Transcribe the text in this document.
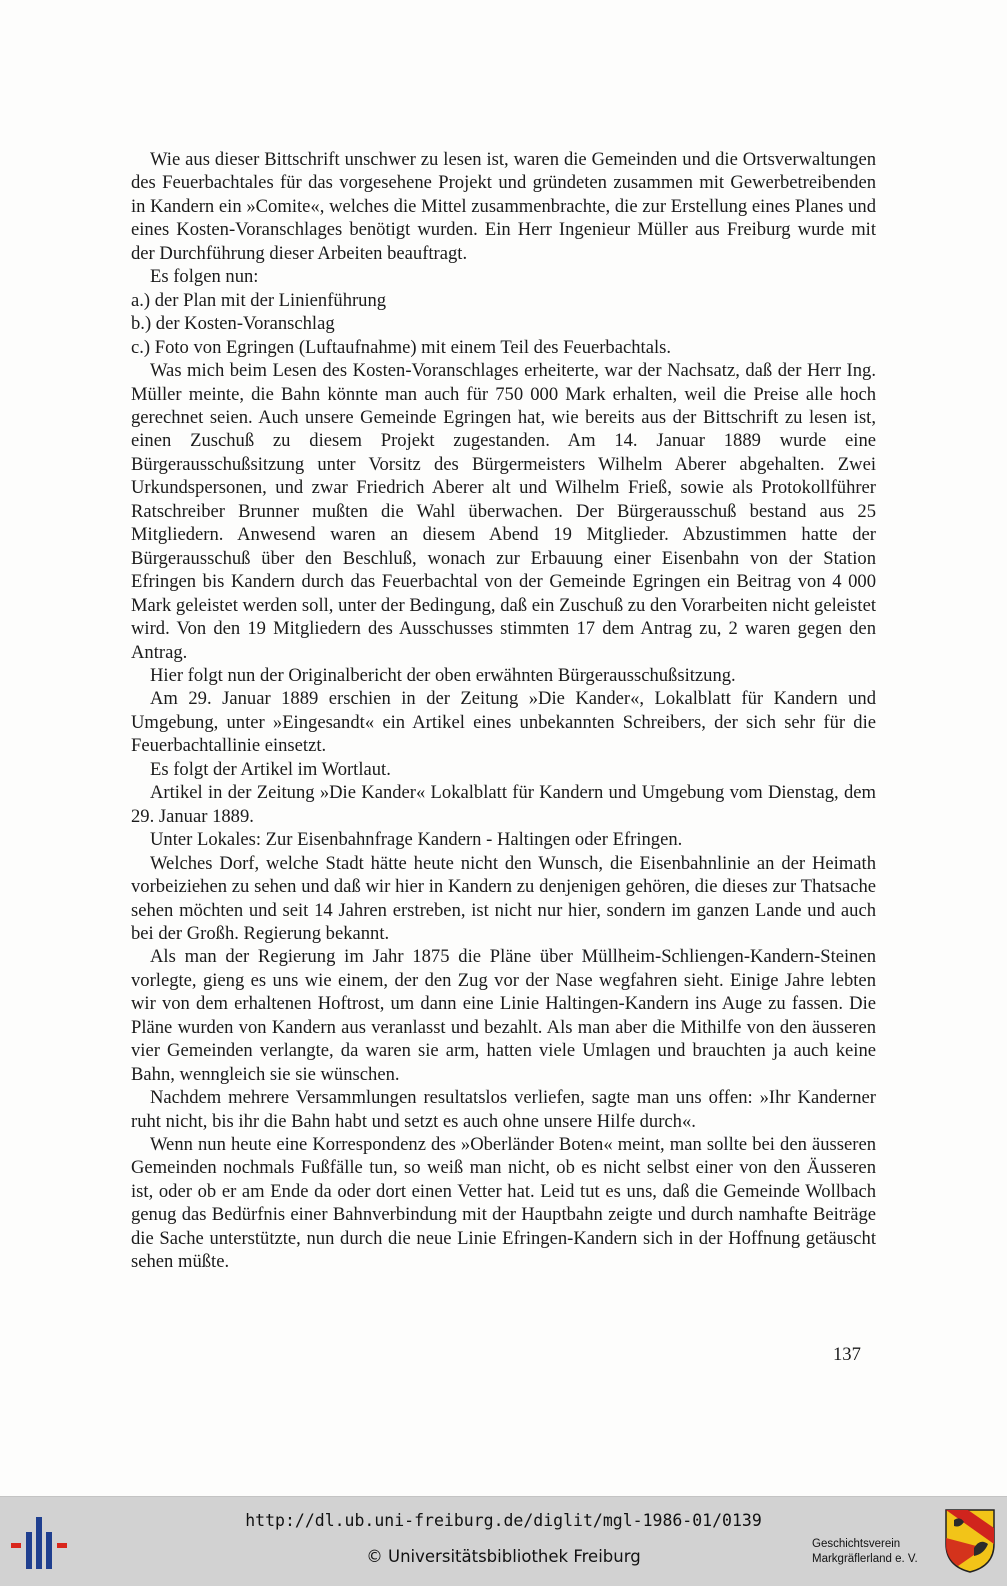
Wie aus dieser Bittschrift unschwer zu lesen ist, waren die Gemeinden und die Ortsverwaltungen des Feuerbachtales für das vorgesehene Projekt und gründeten zusammen mit Gewerbetreibenden in Kandern ein »Comite«, welches die Mittel zusammenbrachte, die zur Erstellung eines Planes und eines Kosten-Voranschlages benötigt wurden. Ein Herr Ingenieur Müller aus Freiburg wurde mit der Durchführung dieser Arbeiten beauftragt.

Es folgen nun:

a.) der Plan mit der Linienführung

b.) der Kosten-Voranschlag

c.) Foto von Egringen (Luftaufnahme) mit einem Teil des Feuerbachtals.

Was mich beim Lesen des Kosten-Voranschlages erheiterte, war der Nachsatz, daß der Herr Ing. Müller meinte, die Bahn könnte man auch für 750 000 Mark erhalten, weil die Preise alle hoch gerechnet seien. Auch unsere Gemeinde Egringen hat, wie bereits aus der Bittschrift zu lesen ist, einen Zuschuß zu diesem Projekt zugestanden. Am 14. Januar 1889 wurde eine Bürgerausschußsitzung unter Vorsitz des Bürgermeisters Wilhelm Aberer abgehalten. Zwei Urkundspersonen, und zwar Friedrich Aberer alt und Wilhelm Frieß, sowie als Protokollführer Ratschreiber Brunner mußten die Wahl überwachen. Der Bürgerausschuß bestand aus 25 Mitgliedern. Anwesend waren an diesem Abend 19 Mitglieder. Abzustimmen hatte der Bürgerausschuß über den Beschluß, wonach zur Erbauung einer Eisenbahn von der Station Efringen bis Kandern durch das Feuerbachtal von der Gemeinde Egringen ein Beitrag von 4 000 Mark geleistet werden soll, unter der Bedingung, daß ein Zuschuß zu den Vorarbeiten nicht geleistet wird. Von den 19 Mitgliedern des Ausschusses stimmten 17 dem Antrag zu, 2 waren gegen den Antrag.

Hier folgt nun der Originalbericht der oben erwähnten Bürgerausschußsitzung.

Am 29. Januar 1889 erschien in der Zeitung »Die Kander«, Lokalblatt für Kandern und Umgebung, unter »Eingesandt« ein Artikel eines unbekannten Schreibers, der sich sehr für die Feuerbachtallinie einsetzt.

Es folgt der Artikel im Wortlaut.

Artikel in der Zeitung »Die Kander« Lokalblatt für Kandern und Umgebung vom Dienstag, dem 29. Januar 1889.

Unter Lokales: Zur Eisenbahnfrage Kandern - Haltingen oder Efringen.

Welches Dorf, welche Stadt hätte heute nicht den Wunsch, die Eisenbahnlinie an der Heimath vorbeiziehen zu sehen und daß wir hier in Kandern zu denjenigen gehören, die dieses zur Thatsache sehen möchten und seit 14 Jahren erstreben, ist nicht nur hier, sondern im ganzen Lande und auch bei der Großh. Regierung bekannt.

Als man der Regierung im Jahr 1875 die Pläne über Müllheim-Schliengen-Kandern-Steinen vorlegte, gieng es uns wie einem, der den Zug vor der Nase wegfahren sieht. Einige Jahre lebten wir von dem erhaltenen Hoftrost, um dann eine Linie Haltingen-Kandern ins Auge zu fassen. Die Pläne wurden von Kandern aus veranlasst und bezahlt. Als man aber die Mithilfe von den äusseren vier Gemeinden verlangte, da waren sie arm, hatten viele Umlagen und brauchten ja auch keine Bahn, wenngleich sie sie wünschen.

Nachdem mehrere Versammlungen resultatslos verliefen, sagte man uns offen: »Ihr Kanderner ruht nicht, bis ihr die Bahn habt und setzt es auch ohne unsere Hilfe durch«.

Wenn nun heute eine Korrespondenz des »Oberländer Boten« meint, man sollte bei den äusseren Gemeinden nochmals Fußfälle tun, so weiß man nicht, ob es nicht selbst einer von den Äusseren ist, oder ob er am Ende da oder dort einen Vetter hat. Leid tut es uns, daß die Gemeinde Wollbach genug das Bedürfnis einer Bahnverbindung mit der Hauptbahn zeigte und durch namhafte Beiträge die Sache unterstützte, nun durch die neue Linie Efringen-Kandern sich in der Hoffnung getäuscht sehen müßte.

137
http://dl.ub.uni-freiburg.de/diglit/mgl-1986-01/0139
© Universitätsbibliothek Freiburg
Geschichtsverein
Markgräflerland e. V.
